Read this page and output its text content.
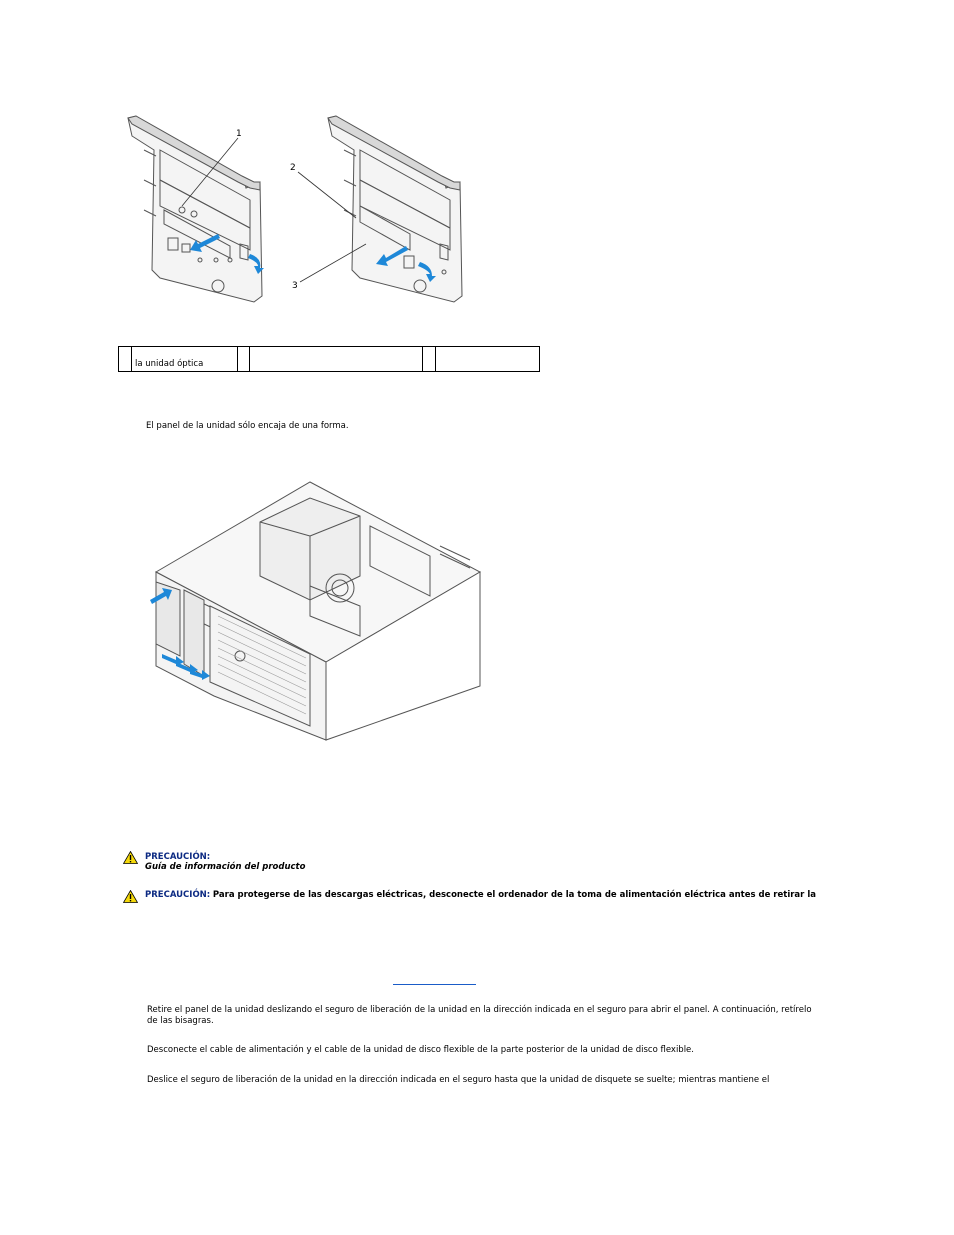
1
2
3
	la unidad óptica				
El panel de la unidad sólo encaja de una forma.
PRECAUCIÓN:
Guía de información del producto
PRECAUCIÓN: Para protegerse de las descargas eléctricas, desconecte el ordenador de la toma de alimentación eléctrica antes de retirar la
Retire el panel de la unidad deslizando el seguro de liberación de la unidad en la dirección indicada en el seguro para abrir el panel. A continuación, retírelo de las bisagras.
Desconecte el cable de alimentación y el cable de la unidad de disco flexible de la parte posterior de la unidad de disco flexible.
Deslice el seguro de liberación de la unidad en la dirección indicada en el seguro hasta que la unidad de disquete se suelte; mientras mantiene el
